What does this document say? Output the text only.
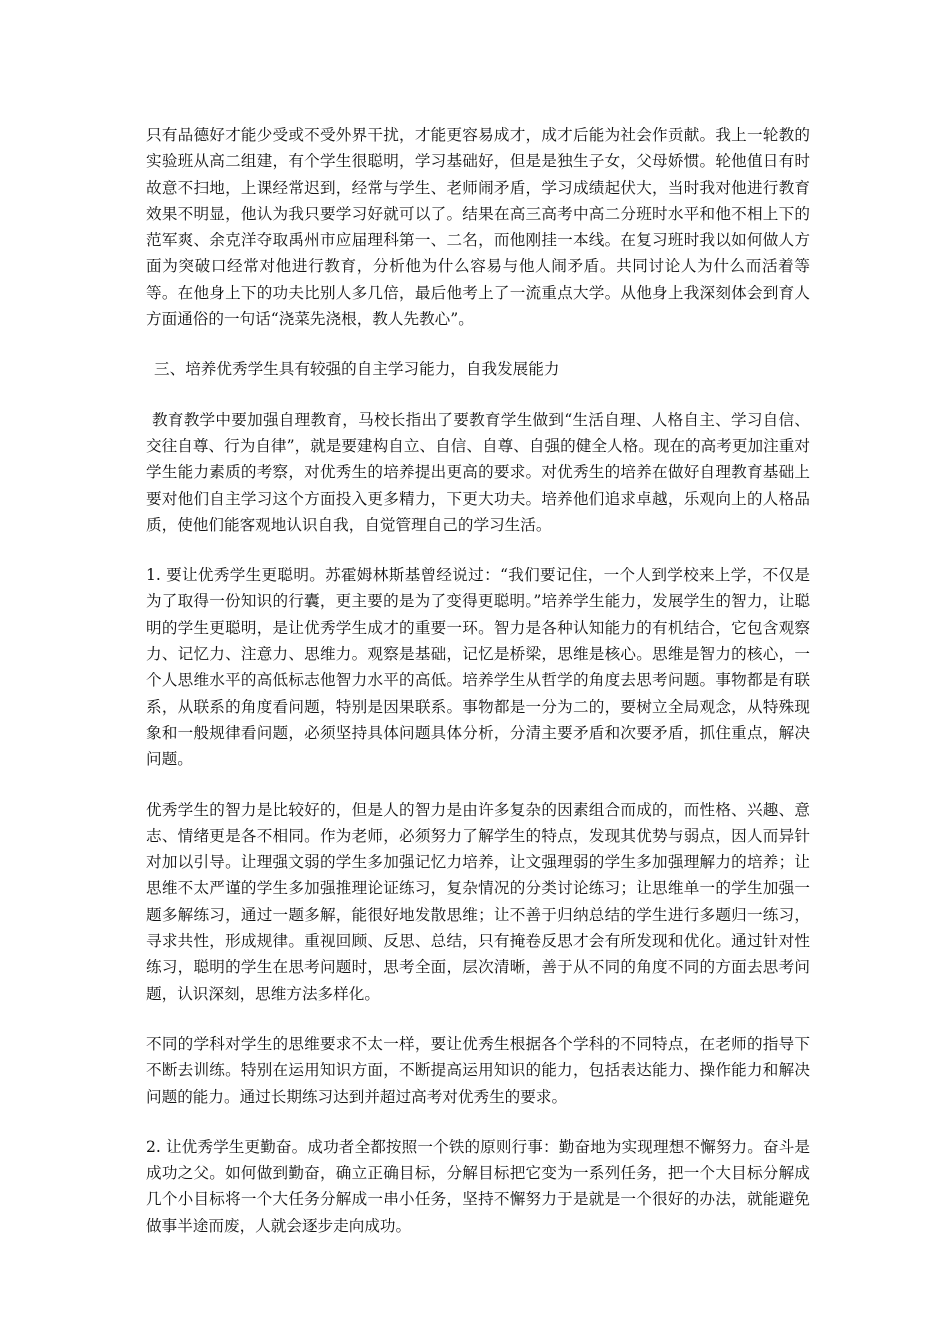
只有品德好才能少受或不受外界干扰，才能更容易成才，成才后能为社会作贡献。我上一轮教的实验班从高二组建，有个学生很聪明，学习基础好，但是是独生子女，父母娇惯。轮他值日有时故意不扫地，上课经常迟到，经常与学生、老师闹矛盾，学习成绩起伏大，当时我对他进行教育效果不明显，他认为我只要学习好就可以了。结果在高三高考中高二分班时水平和他不相上下的范军爽、余克洋夺取禹州市应届理科第一、二名，而他刚挂一本线。在复习班时我以如何做人方面为突破口经常对他进行教育，分析他为什么容易与他人闹矛盾。共同讨论人为什么而活着等等。在他身上下的功夫比别人多几倍，最后他考上了一流重点大学。从他身上我深刻体会到育人方面通俗的一句话“浇菜先浇根，教人先教心”。

三、培养优秀学生具有较强的自主学习能力，自我发展能力

教育教学中要加强自理教育，马校长指出了要教育学生做到“生活自理、人格自主、学习自信、交往自尊、行为自律”，就是要建构自立、自信、自尊、自强的健全人格。现在的高考更加注重对学生能力素质的考察，对优秀生的培养提出更高的要求。对优秀生的培养在做好自理教育基础上要对他们自主学习这个方面投入更多精力，下更大功夫。培养他们追求卓越，乐观向上的人格品质，使他们能客观地认识自我，自觉管理自己的学习生活。

1. 要让优秀学生更聪明。苏霍姆林斯基曾经说过：“我们要记住，一个人到学校来上学，不仅是为了取得一份知识的行囊，更主要的是为了变得更聪明。”培养学生能力，发展学生的智力，让聪明的学生更聪明，是让优秀学生成才的重要一环。智力是各种认知能力的有机结合，它包含观察力、记忆力、注意力、思维力。观察是基础，记忆是桥梁，思维是核心。思维是智力的核心，一个人思维水平的高低标志他智力水平的高低。培养学生从哲学的角度去思考问题。事物都是有联系，从联系的角度看问题，特别是因果联系。事物都是一分为二的，要树立全局观念，从特殊现象和一般规律看问题，必须坚持具体问题具体分析，分清主要矛盾和次要矛盾，抓住重点，解决问题。

优秀学生的智力是比较好的，但是人的智力是由许多复杂的因素组合而成的，而性格、兴趣、意志、情绪更是各不相同。作为老师，必须努力了解学生的特点，发现其优势与弱点，因人而异针对加以引导。让理强文弱的学生多加强记忆力培养，让文强理弱的学生多加强理解力的培养；让思维不太严谨的学生多加强推理论证练习，复杂情况的分类讨论练习；让思维单一的学生加强一题多解练习，通过一题多解，能很好地发散思维；让不善于归纳总结的学生进行多题归一练习，寻求共性，形成规律。重视回顾、反思、总结，只有掩卷反思才会有所发现和优化。通过针对性练习，聪明的学生在思考问题时，思考全面，层次清晰，善于从不同的角度不同的方面去思考问题，认识深刻，思维方法多样化。

不同的学科对学生的思维要求不太一样，要让优秀生根据各个学科的不同特点，在老师的指导下不断去训练。特别在运用知识方面，不断提高运用知识的能力，包括表达能力、操作能力和解决问题的能力。通过长期练习达到并超过高考对优秀生的要求。

2. 让优秀学生更勤奋。成功者全都按照一个铁的原则行事：勤奋地为实现理想不懈努力。奋斗是成功之父。如何做到勤奋，确立正确目标，分解目标把它变为一系列任务，把一个大目标分解成几个小目标将一个大任务分解成一串小任务，坚持不懈努力于是就是一个很好的办法，就能避免做事半途而废，人就会逐步走向成功。
